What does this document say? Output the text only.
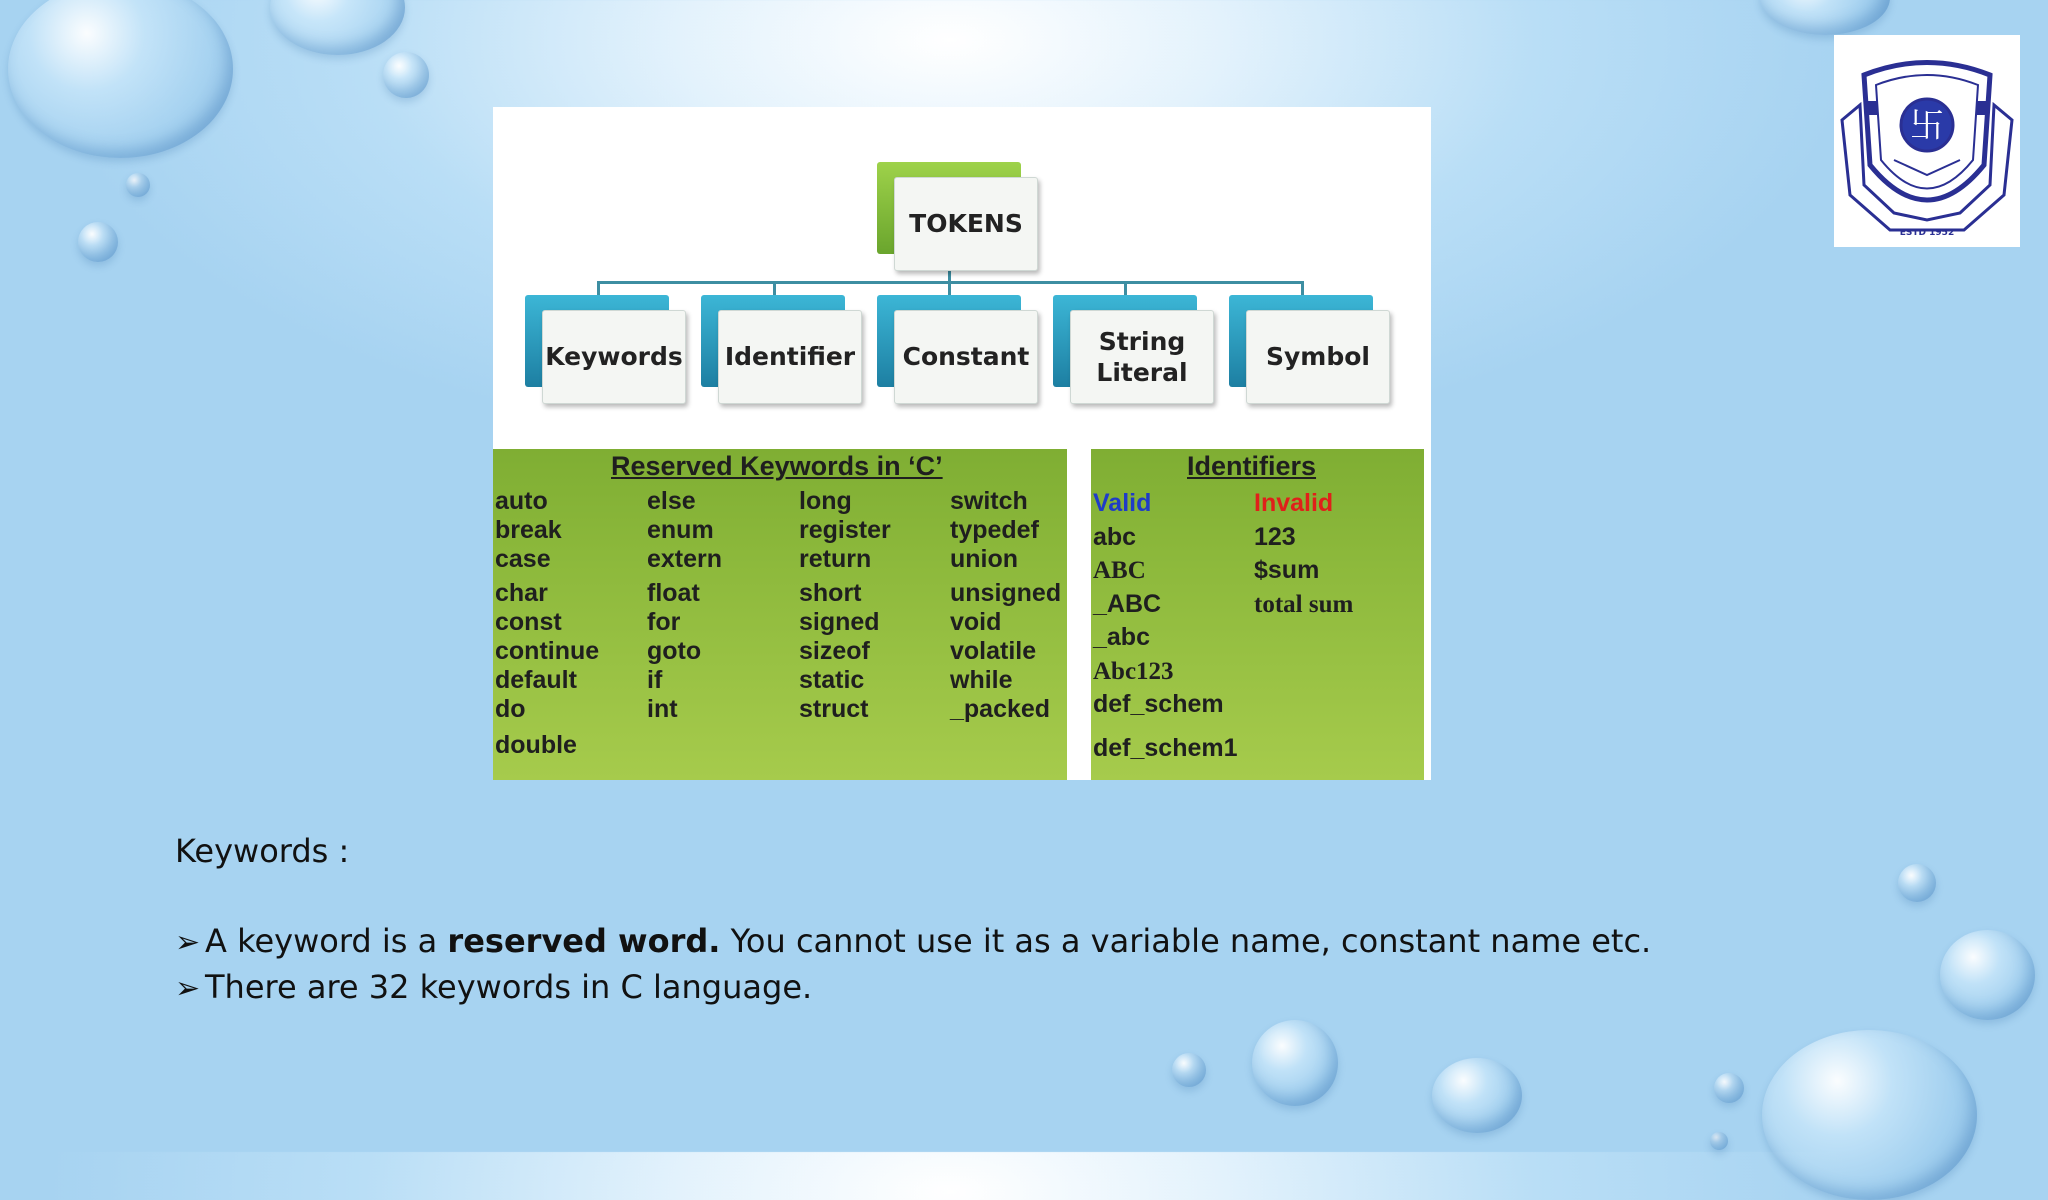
卐
ESTD 1952
TOKENS
Keywords Identifier Constant
String Literal
Symbol
Reserved Keywords in ‘C’
auto
break
case
char
const
continue
default
do
double
else
enum
extern
float
for
goto
if
int
long
register
return
short
signed
sizeof
static
struct
switch
typedef
union
unsigned
void
volatile
while
_packed
Identifiers
Valid
abc
ABC
_ABC
_abc
Abc123
def_schem
def_schem1
Invalid
123
$sum
total sum
Keywords :
➢ A keyword is a reserved word. You cannot use it as a variable name, constant name etc.
➢ There are 32 keywords in C language.
